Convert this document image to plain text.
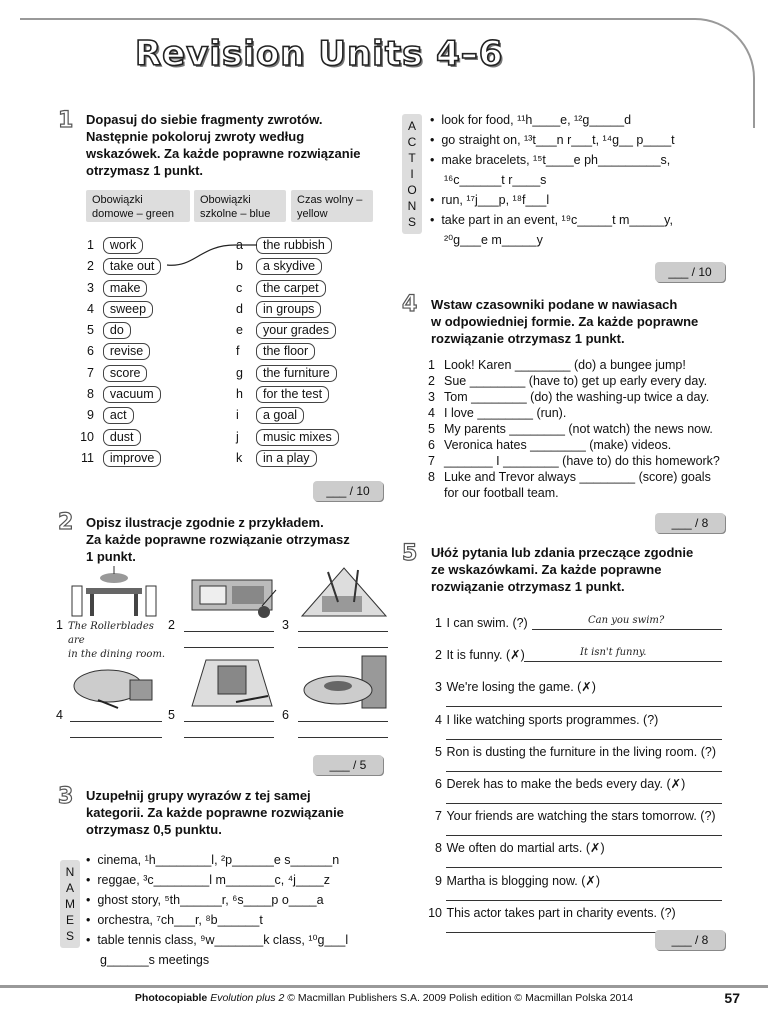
Revision Units 4–6
1 Dopasuj do siebie fragmenty zwrotów.
Następnie pokoloruj zwroty według
wskazówek. Za każde poprawne rozwiązanie
otrzymasz 1 punkt.
Obowiązki domowe – green
Obowiązki szkolne – blue
Czas wolny – yellow
1 work
2 take out
3 make
4 sweep
5 do
6 revise
7 score
8 vacuum
9 act
10 dust
11 improve
a the rubbish
b a skydive
c the carpet
d in groups
e your grades
f the floor
g the furniture
h for the test
i a goal
j music mixes
k in a play
___ / 10
2 Opisz ilustracje zgodnie z przykładem.
Za każde poprawne rozwiązanie otrzymasz
1 punkt.
1 The Rollerblades are
in the dining room.
2	3
4	5	6
___ / 5
3 Uzupełnij grupy wyrazów z tej samej
kategorii. Za każde poprawne rozwiązanie
otrzymasz 0,5 punktu.
N
A
M
E
S
•  cinema, ¹h________l, ²p______e s______n
•  reggae, ³c________l m_______c, ⁴j____z
•  ghost story, ⁵th______r, ⁶s____p o____a
•  orchestra, ⁷ch___r, ⁸b______t
•  table tennis class, ⁹w_______k class, ¹⁰g___l
g______s meetings
A
C
T
I
O
N
S
•  look for food, ¹¹h____e, ¹²g_____d
•  go straight on, ¹³t___n r___t, ¹⁴g__ p____t
•  make bracelets, ¹⁵t____e ph_________s,
¹⁶c______t r____s
•  run, ¹⁷j___p, ¹⁸f___l
•  take part in an event, ¹⁹c_____t m_____y,
²⁰g___e m_____y
___ / 10
4 Wstaw czasowniki podane w nawiasach
w odpowiedniej formie. Za każde poprawne
rozwiązanie otrzymasz 1 punkt.
1 Look! Karen ________ (do) a bungee jump!
2 Sue ________ (have to) get up early every day.
3 Tom ________ (do) the washing-up twice a day.
4 I love ________ (run).
5 My parents ________ (not watch) the news now.
6 Veronica hates ________ (make) videos.
7 _______ I ________ (have to) do this homework?
8 Luke and Trevor always ________ (score) goals
for our football team.
___ / 8
5 Ułóż pytania lub zdania przeczące zgodnie
ze wskazówkami. Za każde poprawne
rozwiązanie otrzymasz 1 punkt.
1 I can swim. (?)	Can you swim?
2 It is funny. (✗)	It isn't funny.
3 We're losing the game. (✗)
4 I like watching sports programmes. (?)
5 Ron is dusting the furniture in the living room. (?)
6 Derek has to make the beds every day. (✗)
7 Your friends are watching the stars tomorrow. (?)
8 We often do martial arts. (✗)
9 Martha is blogging now. (✗)
10 This actor takes part in charity events. (?)
___ / 8
Photocopiable Evolution plus 2 © Macmillan Publishers S.A. 2009 Polish edition © Macmillan Polska 2014	57
